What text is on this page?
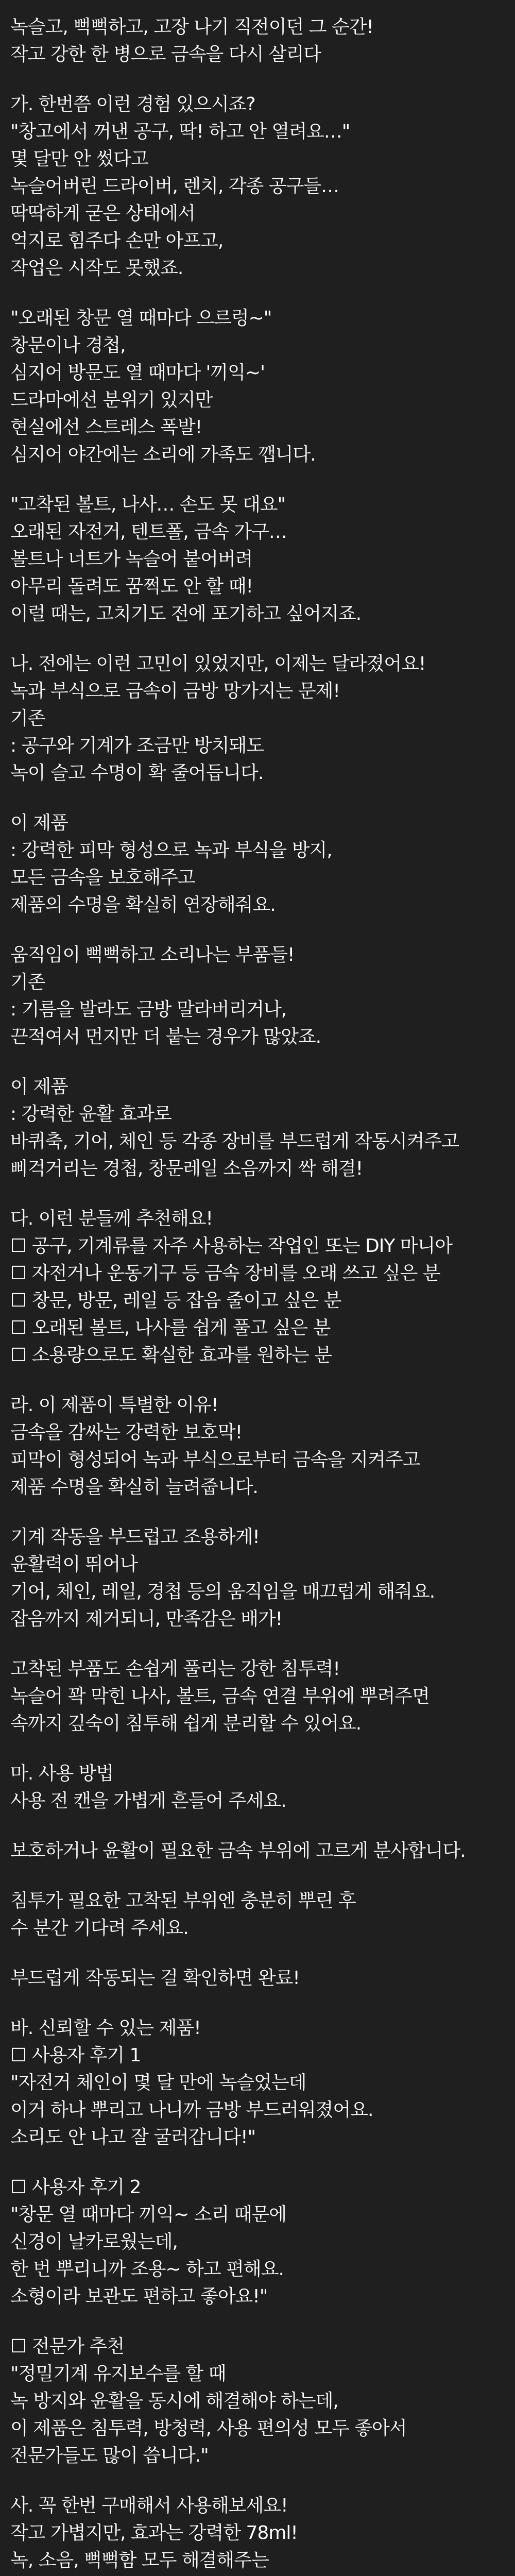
녹슬고, 뻑뻑하고, 고장 나기 직전이던 그 순간!
작고 강한 한 병으로 금속을 다시 살리다
가. 한번쯤 이런 경험 있으시죠?
"창고에서 꺼낸 공구, 딱! 하고 안 열려요…"
몇 달만 안 썼다고
녹슬어버린 드라이버, 렌치, 각종 공구들…
딱딱하게 굳은 상태에서
억지로 힘주다 손만 아프고,
작업은 시작도 못했죠.
"오래된 창문 열 때마다 으르렁~"
창문이나 경첩,
심지어 방문도 열 때마다 '끼익~'
드라마에선 분위기 있지만
현실에선 스트레스 폭발!
심지어 야간에는 소리에 가족도 깹니다.
"고착된 볼트, 나사… 손도 못 대요"
오래된 자전거, 텐트폴, 금속 가구…
볼트나 너트가 녹슬어 붙어버려
아무리 돌려도 꿈쩍도 안 할 때!
이럴 때는, 고치기도 전에 포기하고 싶어지죠.
나. 전에는 이런 고민이 있었지만, 이제는 달라졌어요!
녹과 부식으로 금속이 금방 망가지는 문제!
기존
: 공구와 기계가 조금만 방치돼도
녹이 슬고 수명이 확 줄어듭니다.
이 제품
: 강력한 피막 형성으로 녹과 부식을 방지,
모든 금속을 보호해주고
제품의 수명을 확실히 연장해줘요.
움직임이 뻑뻑하고 소리나는 부품들!
기존
: 기름을 발라도 금방 말라버리거나,
끈적여서 먼지만 더 붙는 경우가 많았죠.
이 제품
: 강력한 윤활 효과로
바퀴축, 기어, 체인 등 각종 장비를 부드럽게 작동시켜주고
삐걱거리는 경첩, 창문레일 소음까지 싹 해결!
다. 이런 분들께 추천해요!
☐ 공구, 기계류를 자주 사용하는 작업인 또는 DIY 마니아
☐ 자전거나 운동기구 등 금속 장비를 오래 쓰고 싶은 분
☐ 창문, 방문, 레일 등 잡음 줄이고 싶은 분
☐ 오래된 볼트, 나사를 쉽게 풀고 싶은 분
☐ 소용량으로도 확실한 효과를 원하는 분
라. 이 제품이 특별한 이유!
금속을 감싸는 강력한 보호막!
피막이 형성되어 녹과 부식으로부터 금속을 지켜주고
제품 수명을 확실히 늘려줍니다.
기계 작동을 부드럽고 조용하게!
윤활력이 뛰어나
기어, 체인, 레일, 경첩 등의 움직임을 매끄럽게 해줘요.
잡음까지 제거되니, 만족감은 배가!
고착된 부품도 손쉽게 풀리는 강한 침투력!
녹슬어 꽉 막힌 나사, 볼트, 금속 연결 부위에 뿌려주면
속까지 깊숙이 침투해 쉽게 분리할 수 있어요.
마. 사용 방법
사용 전 캔을 가볍게 흔들어 주세요.
보호하거나 윤활이 필요한 금속 부위에 고르게 분사합니다.
침투가 필요한 고착된 부위엔 충분히 뿌린 후
수 분간 기다려 주세요.
부드럽게 작동되는 걸 확인하면 완료!
바. 신뢰할 수 있는 제품!
☐ 사용자 후기 1
"자전거 체인이 몇 달 만에 녹슬었는데
이거 하나 뿌리고 나니까 금방 부드러워졌어요.
소리도 안 나고 잘 굴러갑니다!"
☐ 사용자 후기 2
"창문 열 때마다 끼익~ 소리 때문에
신경이 날카로웠는데,
한 번 뿌리니까 조용~ 하고 편해요.
소형이라 보관도 편하고 좋아요!"
☐ 전문가 추천
"정밀기계 유지보수를 할 때
녹 방지와 윤활을 동시에 해결해야 하는데,
이 제품은 침투력, 방청력, 사용 편의성 모두 좋아서
전문가들도 많이 씁니다."
사. 꼭 한번 구매해서 사용해보세요!
작고 가볍지만, 효과는 강력한 78ml!
녹, 소음, 뻑뻑함 모두 해결해주는
